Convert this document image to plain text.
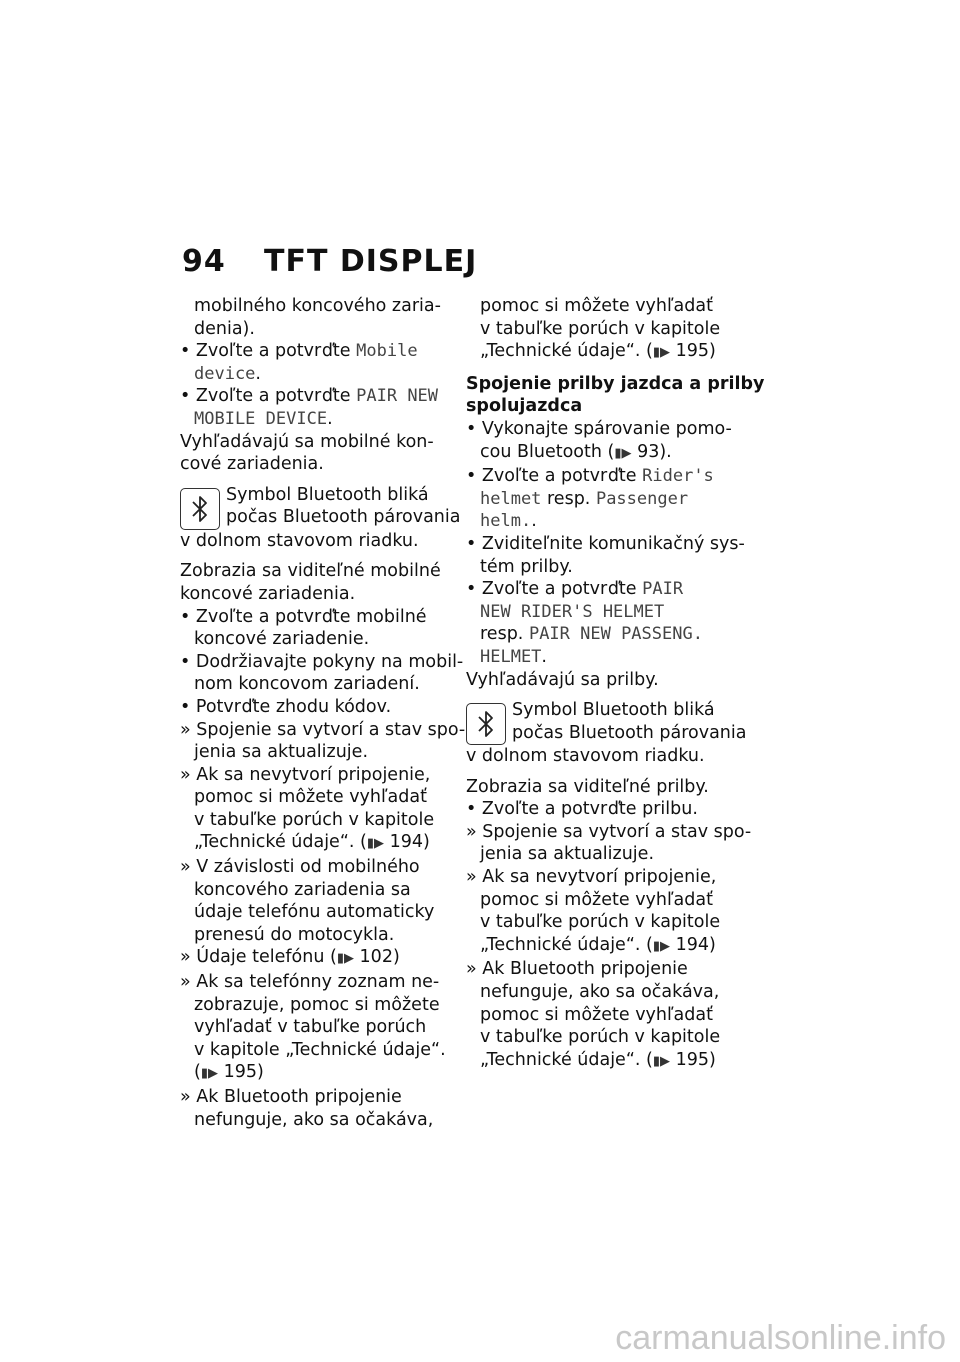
94 TFT DISPLEJ
mobilného koncového zaria-
denia).
• Zvoľte a potvrďte Mobile
device.
• Zvoľte a potvrďte PAIR NEW
MOBILE DEVICE.
Vyhľadávajú sa mobilné kon-
cové zariadenia.
Symbol Bluetooth bliká
počas Bluetooth párovania
v dolnom stavovom riadku.
Zobrazia sa viditeľné mobilné
koncové zariadenia.
• Zvoľte a potvrďte mobilné
koncové zariadenie.
• Dodržiavajte pokyny na mobil-
nom koncovom zariadení.
• Potvrďte zhodu kódov.
» Spojenie sa vytvorí a stav spo-
jenia sa aktualizuje.
» Ak sa nevytvorí pripojenie,
pomoc si môžete vyhľadať
v tabuľke porúch v kapitole
„Technické údaje“. (▮▶ 194)
» V závislosti od mobilného
koncového zariadenia sa
údaje telefónu automaticky
prenesú do motocykla.
» Údaje telefónu (▮▶ 102)
» Ak sa telefónny zoznam ne-
zobrazuje, pomoc si môžete
vyhľadať v tabuľke porúch
v kapitole „Technické údaje“.
(▮▶ 195)
» Ak Bluetooth pripojenie
nefunguje, ako sa očakáva,
pomoc si môžete vyhľadať
v tabuľke porúch v kapitole
„Technické údaje“. (▮▶ 195)
Spojenie prilby jazdca a prilby
spolujazdca
• Vykonajte spárovanie pomo-
cou Bluetooth (▮▶ 93).
• Zvoľte a potvrďte Rider's
helmet resp. Passenger
helm..
• Zviditeľnite komunikačný sys-
tém prilby.
• Zvoľte a potvrďte PAIR
NEW RIDER'S HELMET
resp. PAIR NEW PASSENG.
HELMET.
Vyhľadávajú sa prilby.
Symbol Bluetooth bliká
počas Bluetooth párovania
v dolnom stavovom riadku.
Zobrazia sa viditeľné prilby.
• Zvoľte a potvrďte prilbu.
» Spojenie sa vytvorí a stav spo-
jenia sa aktualizuje.
» Ak sa nevytvorí pripojenie,
pomoc si môžete vyhľadať
v tabuľke porúch v kapitole
„Technické údaje“. (▮▶ 194)
» Ak Bluetooth pripojenie
nefunguje, ako sa očakáva,
pomoc si môžete vyhľadať
v tabuľke porúch v kapitole
„Technické údaje“. (▮▶ 195)
carmanualsonline.info
